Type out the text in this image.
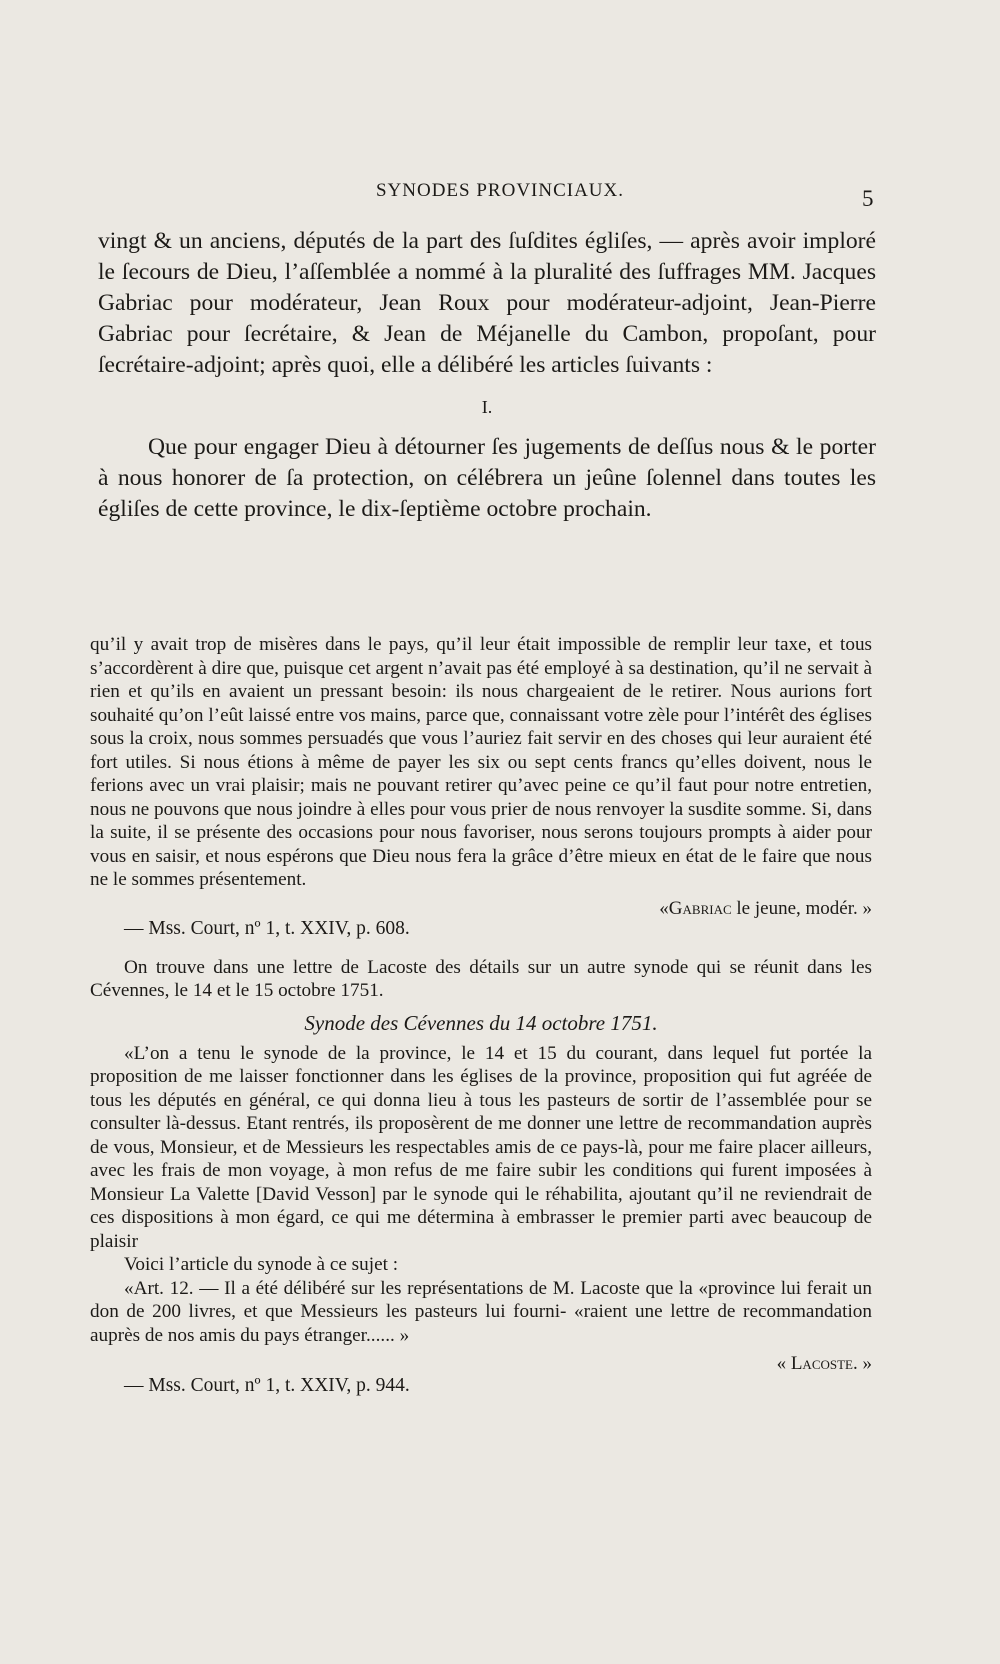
SYNODES PROVINCIAUX.	5

vingt & un anciens, députés de la part des ſuſdites égliſes, — après avoir imploré le ſecours de Dieu, l’aſſemblée a nommé à la pluralité des ſuffrages MM. Jacques Gabriac pour modérateur, Jean Roux pour modérateur-adjoint, Jean-Pierre Gabriac pour ſecrétaire, & Jean de Méjanelle du Cambon, propoſant, pour ſecrétaire-adjoint; après quoi, elle a délibéré les articles ſuivants :

I.

Que pour engager Dieu à détourner ſes jugements de deſſus nous & le porter à nous honorer de ſa protection, on célébrera un jeûne ſolennel dans toutes les égliſes de cette province, le dix-ſeptième octobre prochain.

qu’il y avait trop de misères dans le pays, qu’il leur était impossible de remplir leur taxe, et tous s’accordèrent à dire que, puisque cet argent n’avait pas été employé à sa destination, qu’il ne servait à rien et qu’ils en avaient un pressant besoin: ils nous chargeaient de le retirer. Nous aurions fort souhaité qu’on l’eût laissé entre vos mains, parce que, connaissant votre zèle pour l’intérêt des églises sous la croix, nous sommes persuadés que vous l’auriez fait servir en des choses qui leur auraient été fort utiles. Si nous étions à même de payer les six ou sept cents francs qu’elles doivent, nous le ferions avec un vrai plaisir; mais ne pouvant retirer qu’avec peine ce qu’il faut pour notre entretien, nous ne pouvons que nous joindre à elles pour vous prier de nous renvoyer la susdite somme. Si, dans la suite, il se présente des occasions pour nous favoriser, nous serons toujours prompts à aider pour vous en saisir, et nous espérons que Dieu nous fera la grâce d’être mieux en état de le faire que nous ne le sommes présentement.

«Gabriac le jeune, modér. »

— Mss. Court, nº 1, t. XXIV, p. 608.

On trouve dans une lettre de Lacoste des détails sur un autre synode qui se réunit dans les Cévennes, le 14 et le 15 octobre 1751.

Synode des Cévennes du 14 octobre 1751.

«L’on a tenu le synode de la province, le 14 et 15 du courant, dans lequel fut portée la proposition de me laisser fonctionner dans les églises de la province, proposition qui fut agréée de tous les députés en général, ce qui donna lieu à tous les pasteurs de sortir de l’assemblée pour se consulter là-dessus. Etant rentrés, ils proposèrent de me donner une lettre de recommandation auprès de vous, Monsieur, et de Messieurs les respectables amis de ce pays-là, pour me faire placer ailleurs, avec les frais de mon voyage, à mon refus de me faire subir les conditions qui furent imposées à Monsieur La Valette [David Vesson] par le synode qui le réhabilita, ajoutant qu’il ne reviendrait de ces dispositions à mon égard, ce qui me détermina à embrasser le premier parti avec beaucoup de plaisir

Voici l’article du synode à ce sujet :

«Art. 12. — Il a été délibéré sur les représentations de M. Lacoste que la «province lui ferait un don de 200 livres, et que Messieurs les pasteurs lui fourni- «raient une lettre de recommandation auprès de nos amis du pays étranger...... »

« Lacoste. »

— Mss. Court, nº 1, t. XXIV, p. 944.
